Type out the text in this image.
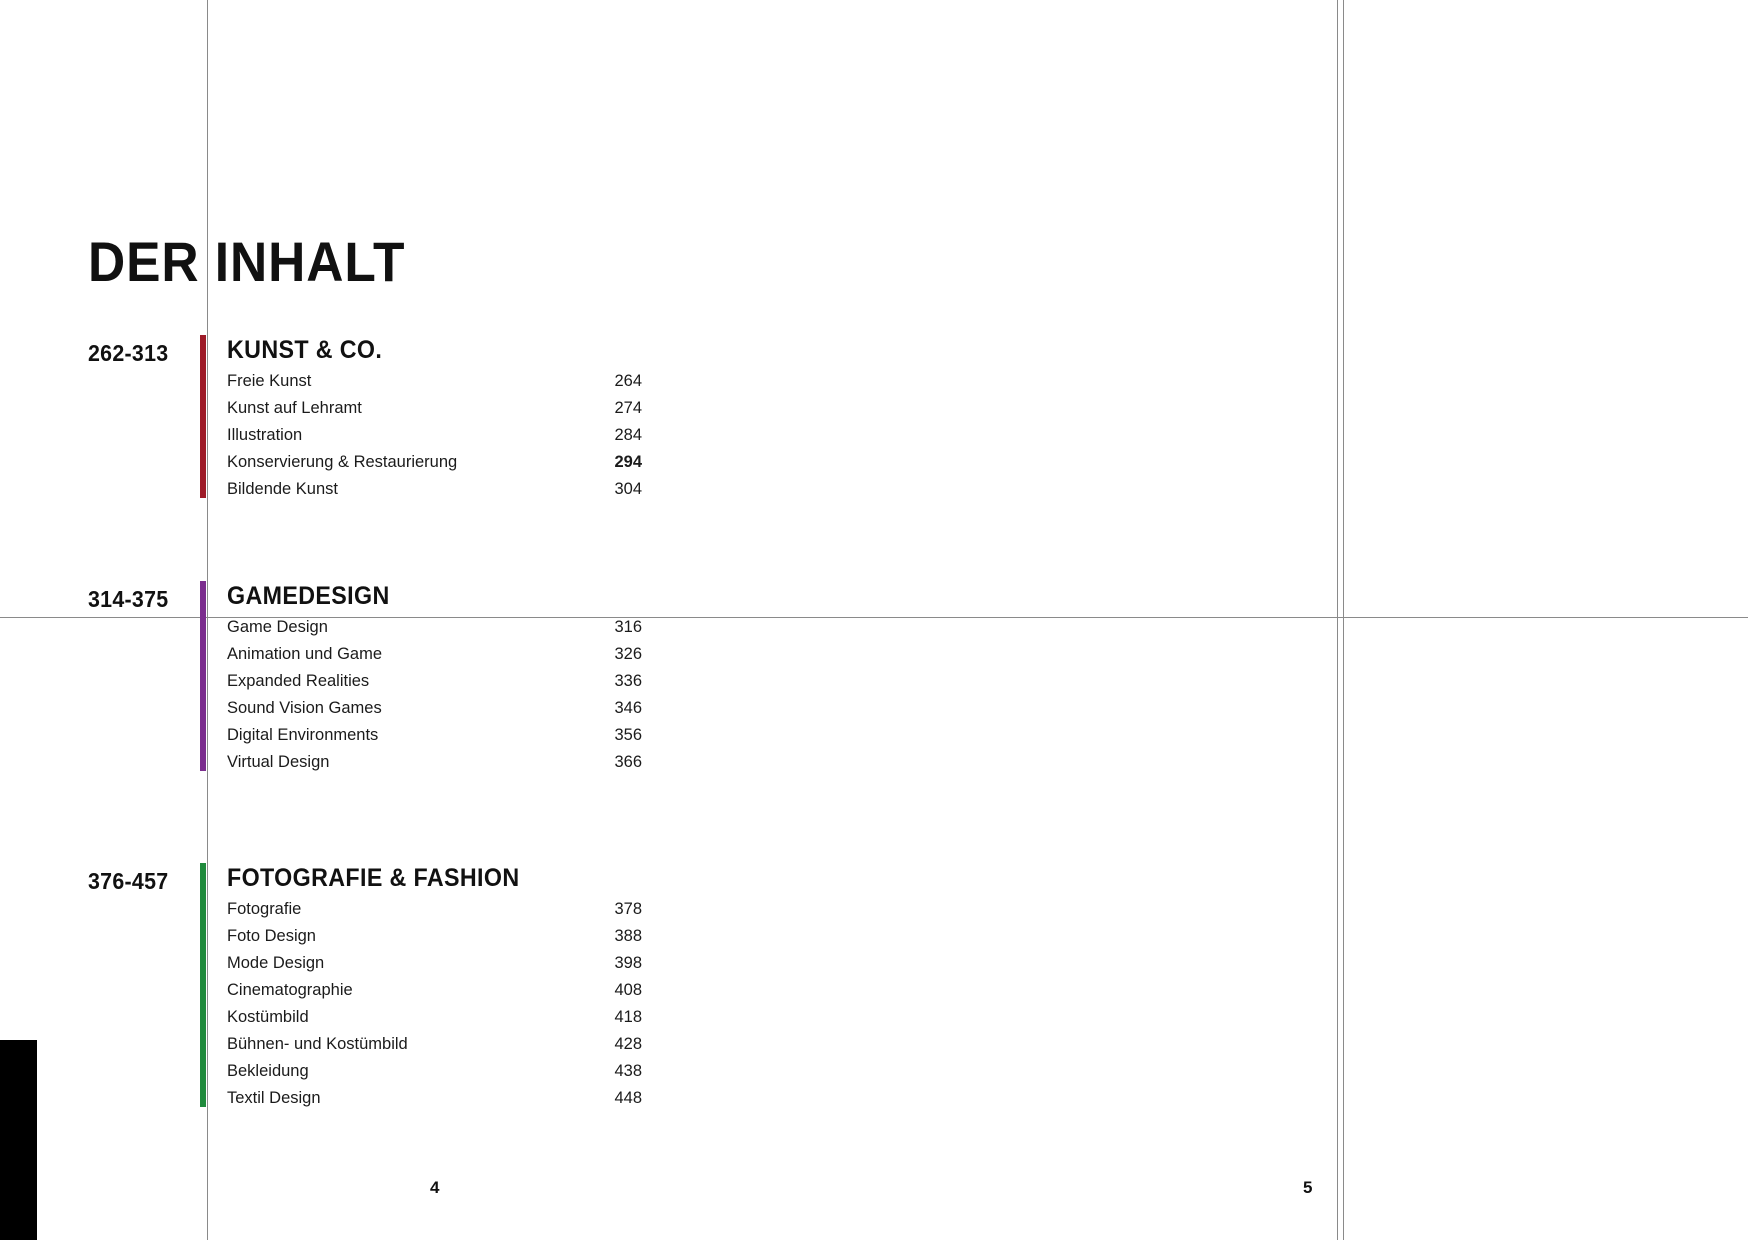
DER INHALT
262-313 KUNST & CO.
Freie Kunst	264
Kunst auf Lehramt	274
Illustration	284
Konservierung & Restaurierung	294
Bildende Kunst	304
314-375 GAMEDESIGN
Game Design	316
Animation und Game	326
Expanded Realities	336
Sound Vision Games	346
Digital Environments	356
Virtual Design	366
376-457 FOTOGRAFIE & FASHION
Fotografie	378
Foto Design	388
Mode Design	398
Cinematographie	408
Kostümbild	418
Bühnen- und Kostümbild	428
Bekleidung	438
Textil Design	448
4	5
